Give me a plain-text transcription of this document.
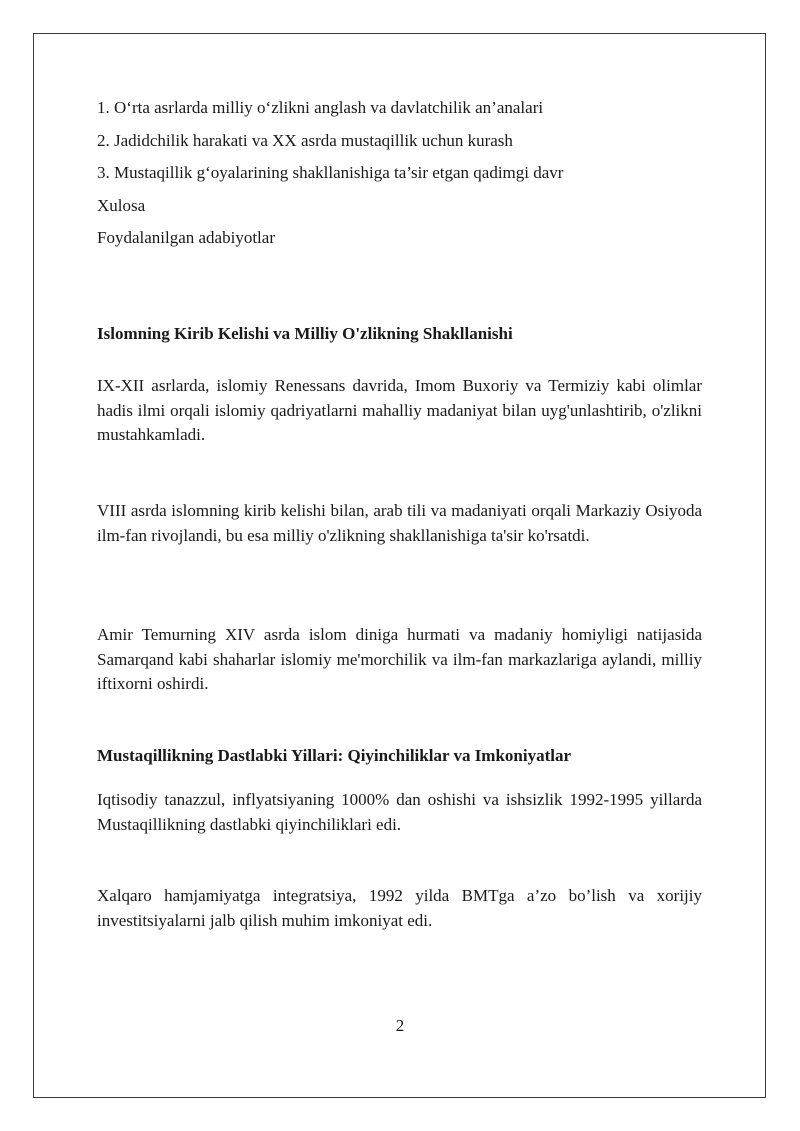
1. O‘rta asrlarda milliy o‘zlikni anglash va davlatchilik an’analari
2. Jadidchilik harakati va XX asrda mustaqillik uchun kurash
3. Mustaqillik g‘oyalarining shakllanishiga ta’sir etgan qadimgi davr
Xulosa
Foydalanilgan adabiyotlar
Islomning Kirib Kelishi va Milliy O'zlikning Shakllanishi
IX-XII asrlarda, islomiy Renessans davrida, Imom Buxoriy va Termiziy kabi olimlar hadis ilmi orqali islomiy qadriyatlarni mahalliy madaniyat bilan uyg'unlashtirib, o'zlikni mustahkamladi.
VIII asrda islomning kirib kelishi bilan, arab tili va madaniyati orqali Markaziy Osiyoda ilm-fan rivojlandi, bu esa milliy o'zlikning shakllanishiga ta'sir ko'rsatdi.
Amir Temurning XIV asrda islom diniga hurmati va madaniy homiyligi natijasida Samarqand kabi shaharlar islomiy me'morchilik va ilm-fan markazlariga aylandi, milliy iftixorni oshirdi.
Mustaqillikning Dastlabki Yillari: Qiyinchiliklar va Imkoniyatlar
Iqtisodiy tanazzul, inflyatsiyaning 1000% dan oshishi va ishsizlik 1992-1995 yillarda Mustaqillikning dastlabki qiyinchiliklari edi.
Xalqaro hamjamiyatga integratsiya, 1992 yilda BMTga a’zo bo’lish va xorijiy investitsiyalarni jalb qilish muhim imkoniyat edi.
2
